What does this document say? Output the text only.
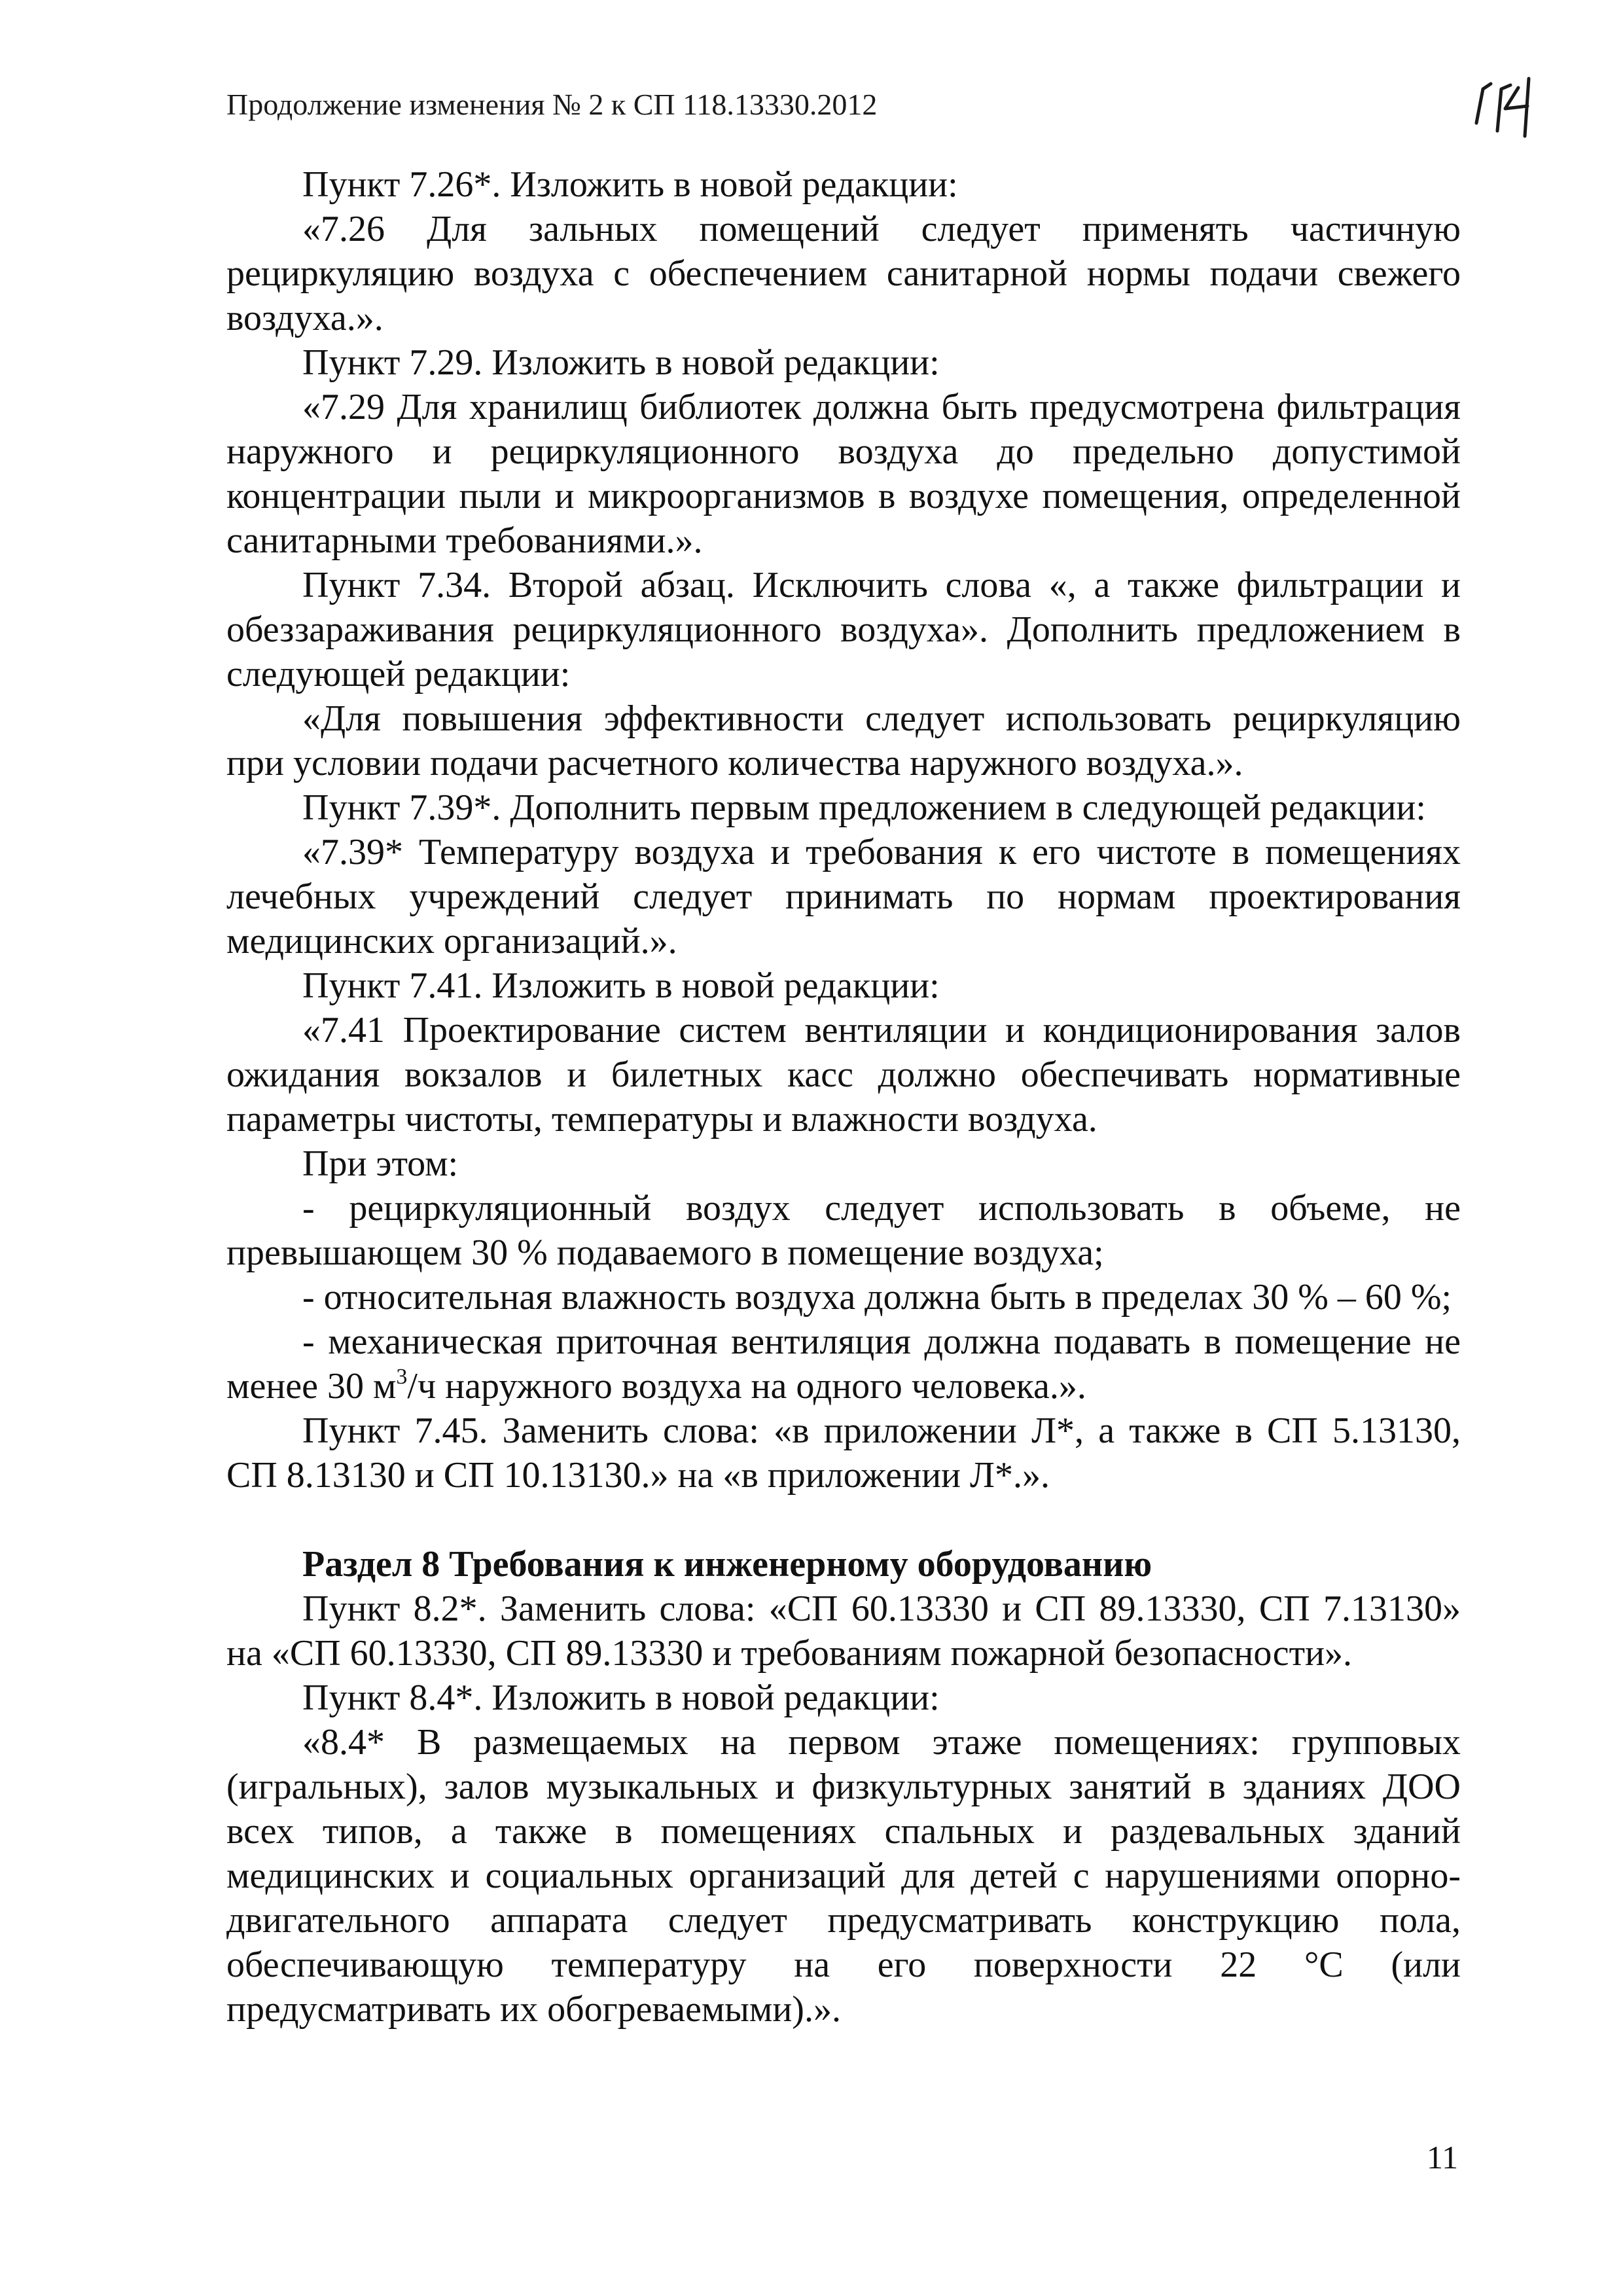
Продолжение изменения № 2 к СП 118.13330.2012

Пункт 7.26*. Изложить в новой редакции:

«7.26 Для зальных помещений следует применять частичную рециркуляцию воздуха с обеспечением санитарной нормы подачи свежего воздуха.».

Пункт 7.29. Изложить в новой редакции:

«7.29 Для хранилищ библиотек должна быть предусмотрена фильтрация наружного и рециркуляционного воздуха до предельно допустимой концентрации пыли и микроорганизмов в воздухе помещения, определенной санитарными требованиями.».

Пункт 7.34. Второй абзац. Исключить слова «, а также фильтрации и обеззараживания рециркуляционного воздуха». Дополнить предложением в следующей редакции:

«Для повышения эффективности следует использовать рециркуляцию при условии подачи расчетного количества наружного воздуха.».

Пункт 7.39*. Дополнить первым предложением в следующей редакции:

«7.39* Температуру воздуха и требования к его чистоте в помещениях лечебных учреждений следует принимать по нормам проектирования медицинских организаций.».

Пункт 7.41. Изложить в новой редакции:

«7.41 Проектирование систем вентиляции и кондиционирования залов ожидания вокзалов и билетных касс должно обеспечивать нормативные параметры чистоты, температуры и влажности воздуха.

При этом:

- рециркуляционный воздух следует использовать в объеме, не превышающем 30 % подаваемого в помещение воздуха;

- относительная влажность воздуха должна быть в пределах 30 % – 60 %;

- механическая приточная вентиляция должна подавать в помещение не менее 30 $м^3/ч$ наружного воздуха на одного человека.».

Пункт 7.45. Заменить слова: «в приложении Л*, а также в СП 5.13130, СП 8.13130 и СП 10.13130.» на «в приложении Л*.».

Раздел 8 Требования к инженерному оборудованию

Пункт 8.2*. Заменить слова: «СП 60.13330 и СП 89.13330, СП 7.13130» на «СП 60.13330, СП 89.13330 и требованиям пожарной безопасности».

Пункт 8.4*. Изложить в новой редакции:

«8.4* В размещаемых на первом этаже помещениях: групповых (игральных), залов музыкальных и физкультурных занятий в зданиях ДОО всех типов, а также в помещениях спальных и раздевальных зданий медицинских и социальных организаций для детей с нарушениями опорно-двигательного аппарата следует предусматривать конструкцию пола, обеспечивающую температуру на его поверхности 22 °С (или предусматривать их обогреваемыми).».

11
